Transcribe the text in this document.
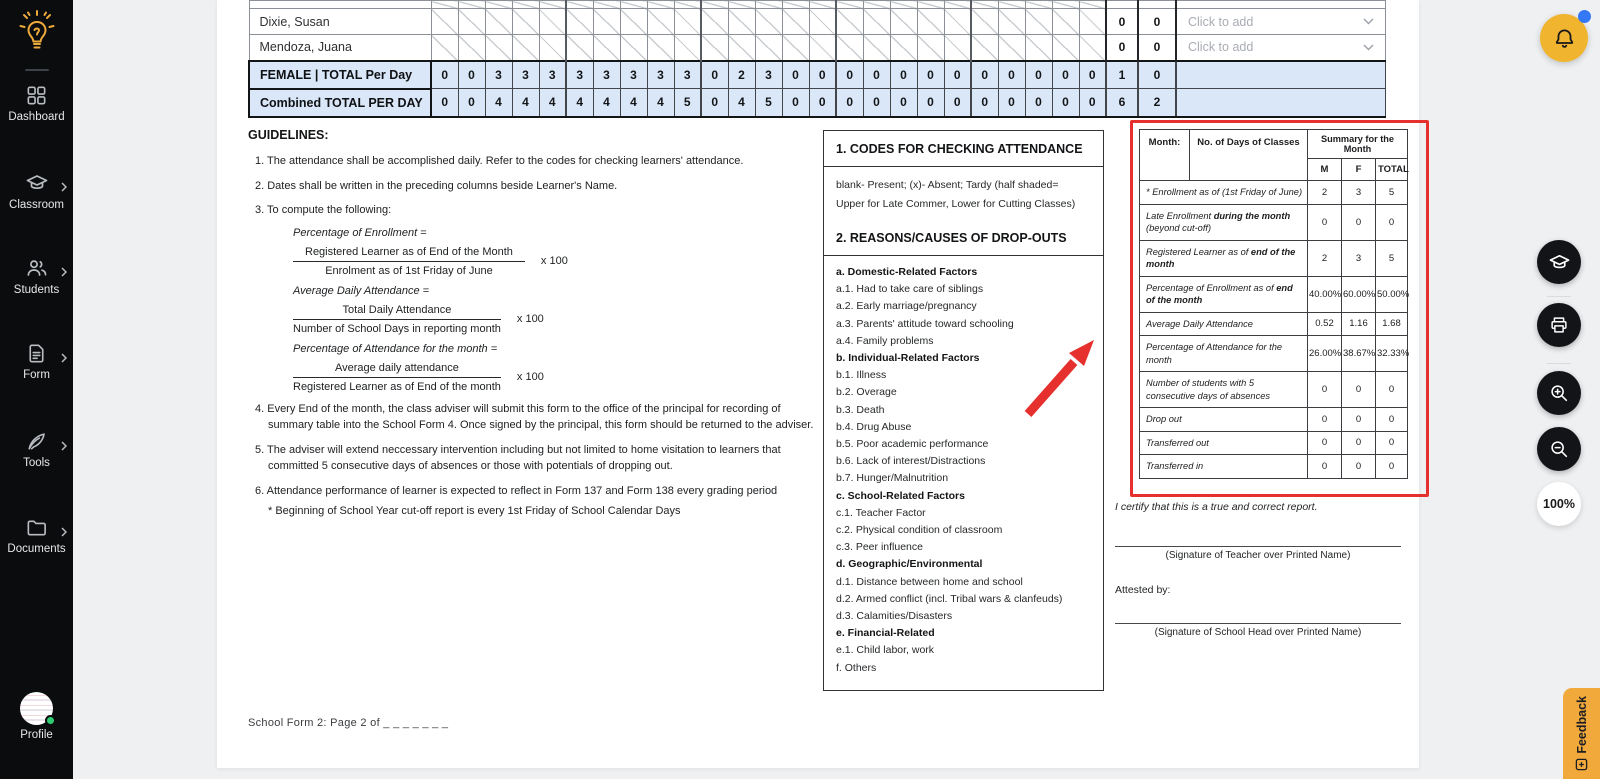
Dashboard
Classroom
Students
Form
Tools
Documents
Profile

Dixie, Susan																										0	0	Click to add

Mendoza, Juana																										0	0	Click to add

FEMALE | TOTAL Per Day	0	0	3	3	3	3	3	3	3	3	0	2	3	0	0	0	0	0	0	0	0	0	0	0	0	1	0	
Combined TOTAL PER DAY	0	0	4	4	4	4	4	4	4	5	0	4	5	0	0	0	0	0	0	0	0	0	0	0	0	6	2	
GUIDELINES:
1. The attendance shall be accomplished daily. Refer to the codes for checking learners' attendance.
2. Dates shall be written in the preceding columns beside Learner's Name.
3. To compute the following:
Percentage of Enrollment =
$\frac{\text{Registered Learner as of End of the Month}}{\text{Enrolment as of 1st Friday of June}}$ x 100
Average Daily Attendance =
$\frac{\text{Total Daily Attendance}}{\text{Number of School Days in reporting month}}$ x 100
Percentage of Attendance for the month =
$\frac{\text{Average daily attendance}}{\text{Registered Learner as of End of the month}}$ x 100
4. Every End of the month, the class adviser will submit this form to the office of the principal for recording of summary table into the School Form 4. Once signed by the principal, this form should be returned to the adviser.
5. The adviser will extend neccessary intervention including but not limited to home visitation to learners that committed 5 consecutive days of absences or those with potentials of dropping out.
6. Attendance performance of learner is expected to reflect in Form 137 and Form 138 every grading period
* Beginning of School Year cut-off report is every 1st Friday of School Calendar Days
1. CODES FOR CHECKING ATTENDANCE
blank- Present; (x)- Absent; Tardy (half shaded=
Upper for Late Commer, Lower for Cutting Classes)
2. REASONS/CAUSES OF DROP-OUTS
a. Domestic-Related Factors
a.1. Had to take care of siblings
a.2. Early marriage/pregnancy
a.3. Parents' attitude toward schooling
a.4. Family problems
b. Individual-Related Factors
b.1. Illness
b.2. Overage
b.3. Death
b.4. Drug Abuse
b.5. Poor academic performance
b.6. Lack of interest/Distractions
b.7. Hunger/Malnutrition
c. School-Related Factors
c.1. Teacher Factor
c.2. Physical condition of classroom
c.3. Peer influence
d. Geographic/Environmental
d.1. Distance between home and school
d.2. Armed conflict (incl. Tribal wars & clanfeuds)
d.3. Calamities/Disasters
e. Financial-Related
e.1. Child labor, work
f. Others
Month:	No. of Days of Classes	Summary for the Month		
		M	F	TOTAL
* Enrollment as of (1st Friday of June)		2	3	5
Late Enrollment during the month (beyond cut-off)		0	0	0
Registered Learner as of end of the month		2	3	5
Percentage of Enrollment as of end of the month		40.00%	60.00%	50.00%
Average Daily Attendance		0.52	1.16	1.68
Percentage of Attendance for the month		26.00%	38.67%	32.33%
Number of students with 5 consecutive days of absences		0	0	0
Drop out		0	0	0
Transferred out		0	0	0
Transferred in		0	0	0
I certify that this is a true and correct report.
(Signature of Teacher over Printed Name)
Attested by:
(Signature of School Head over Printed Name)
School Form 2: Page 2 of _ _ _ _ _ _ _
100%
Feedback
